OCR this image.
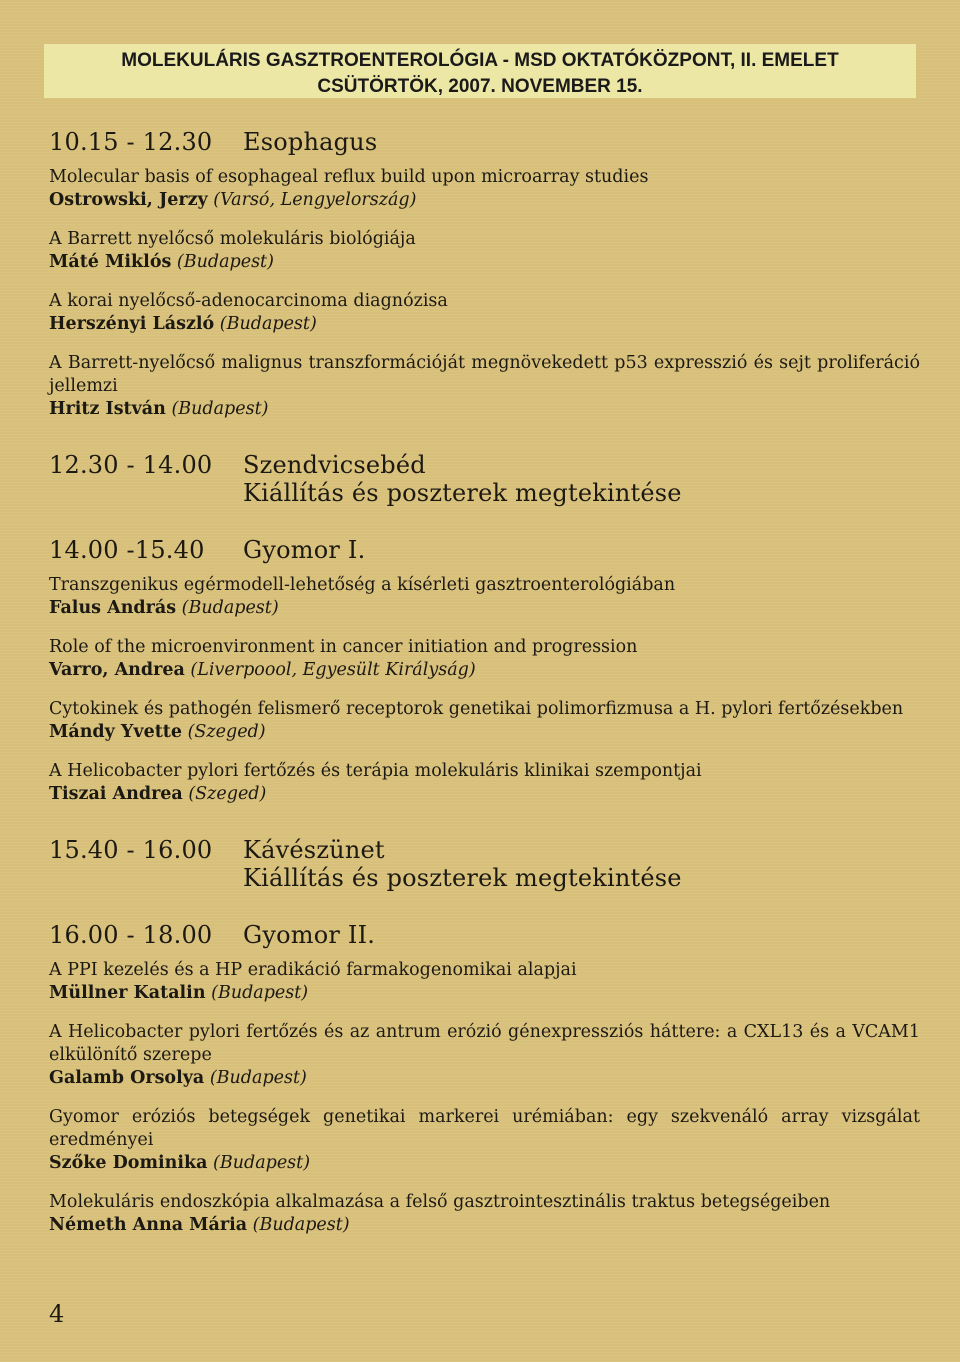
MOLEKULÁRIS GASZTROENTEROLÓGIA - MSD OKTATÓKÖZPONT, II. EMELET
CSÜTÖRTÖK, 2007. NOVEMBER 15.
10.15 - 12.30	Esophagus
Molecular basis of esophageal reflux build upon microarray studies
Ostrowski, Jerzy (Varsó, Lengyelország)
A Barrett nyelőcső molekuláris biológiája
Máté Miklós (Budapest)
A korai nyelőcső-adenocarcinoma diagnózisa
Herszényi László (Budapest)
A Barrett-nyelőcső malignus transzformációját megnövekedett p53 expresszió és sejt proliferáció jellemzi
Hritz István (Budapest)
12.30 - 14.00	Szendvicsebéd
Kiállítás és poszterek megtekintése
14.00 -15.40	Gyomor I.
Transzgenikus egérmodell-lehetőség a kísérleti gasztroenterológiában
Falus András (Budapest)
Role of the microenvironment in cancer initiation and progression
Varro, Andrea (Liverpoool, Egyesült Királyság)
Cytokinek és pathogén felismerő receptorok genetikai polimorfizmusa a H. pylori fertőzésekben
Mándy Yvette (Szeged)
A Helicobacter pylori fertőzés és terápia molekuláris klinikai szempontjai
Tiszai Andrea (Szeged)
15.40 - 16.00	Kávészünet
Kiállítás és poszterek megtekintése
16.00 - 18.00	Gyomor II.
A PPI kezelés és a HP eradikáció farmakogenomikai alapjai
Müllner Katalin (Budapest)
A Helicobacter pylori fertőzés és az antrum erózió génexpressziós háttere: a CXL13 és a VCAM1 elkülönítő szerepe
Galamb Orsolya (Budapest)
Gyomor eróziós betegségek genetikai markerei urémiában: egy szekvenáló array vizsgálat eredményei
Szőke Dominika (Budapest)
Molekuláris endoszkópia alkalmazása a felső gasztrointesztinális traktus betegségeiben
Németh Anna Mária (Budapest)
4
